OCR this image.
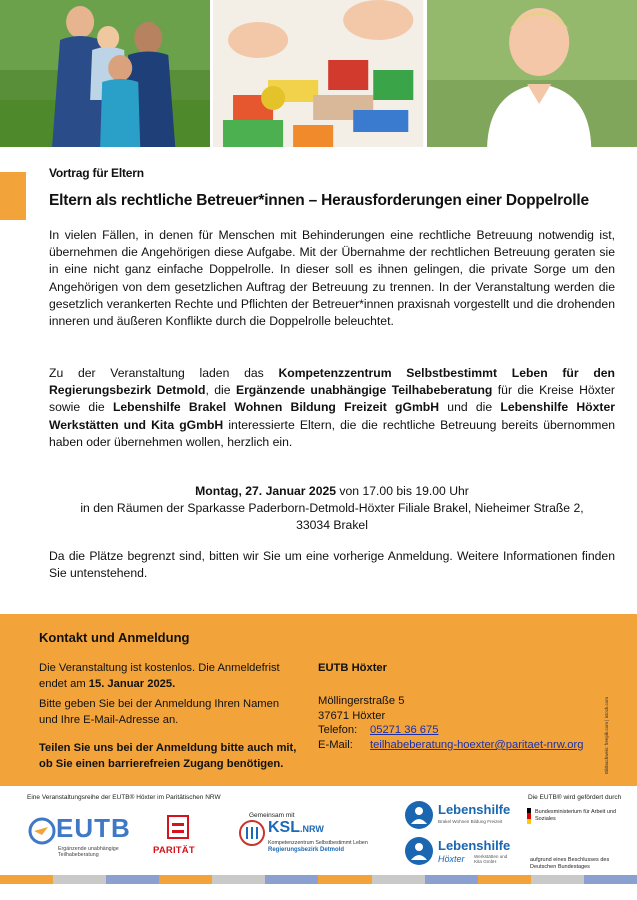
Vortrag für Eltern
Eltern als rechtliche Betreuer*innen – Herausforderungen einer Doppelrolle

In vielen Fällen, in denen für Menschen mit Behinderungen eine rechtliche Betreuung notwendig ist, übernehmen die Angehörigen diese Aufgabe. Mit der Übernahme der rechtlichen Betreuung geraten sie in eine nicht ganz einfache Doppelrolle. In dieser soll es ihnen gelingen, die private Sorge um den Angehörigen von dem gesetzlichen Auftrag der Betreuung zu trennen. In der Veranstaltung werden die gesetzlich verankerten Rechte und Pflichten der Betreuer*innen praxisnah vorgestellt und die drohenden inneren und äußeren Konflikte durch die Doppelrolle beleuchtet.

Zu der Veranstaltung laden das Kompetenzzentrum Selbstbestimmt Leben für den Regierungsbezirk Detmold, die Ergänzende unabhängige Teilhabeberatung für die Kreise Höxter sowie die Lebenshilfe Brakel Wohnen Bildung Freizeit gGmbH und die Lebenshilfe Höxter Werkstätten und Kita gGmbH interessierte Eltern, die die rechtliche Betreuung bereits übernommen haben oder übernehmen wollen, herzlich ein.

Montag, 27. Januar 2025 von 17.00 bis 19.00 Uhr
in den Räumen der Sparkasse Paderborn-Detmold-Höxter Filiale Brakel, Nieheimer Straße 2,
33034 Brakel

Da die Plätze begrenzt sind, bitten wir Sie um eine vorherige Anmeldung. Weitere Informationen finden Sie untenstehend.

Kontakt und Anmeldung
Die Veranstaltung ist kostenlos. Die Anmeldefrist endet am 15. Januar 2025.
Bitte geben Sie bei der Anmeldung Ihren Namen und Ihre E-Mail-Adresse an.
Teilen Sie uns bei der Anmeldung bitte auch mit, ob Sie einen barrierefreien Zugang benötigen.
EUTB Höxter
Möllingerstraße 5
37671 Höxter
Telefon:	05271 36 675
E-Mail:	teilhabeberatung-hoexter@paritaet-nrw.org	Bildnachweis: freepik.com | istock.com
Eine Veranstaltungsreihe der EUTB® Höxter im Paritätischen NRW
Gemeinsam mit
Die EUTB® wird gefördert durch
EUTB
Ergänzende unabhängige Teilhabeberatung	PARITÄT
KSL.NRW
Kompetenzzentrum Selbstbestimmt Leben
Regierungsbezirk Detmold
Lebenshilfe
Brakel Wohnen Bildung Freizeit
Lebenshilfe
Höxter Werkstätten und Kita GmbH
Bundesministerium für Arbeit und Soziales
aufgrund eines Beschlusses des Deutschen Bundestages
